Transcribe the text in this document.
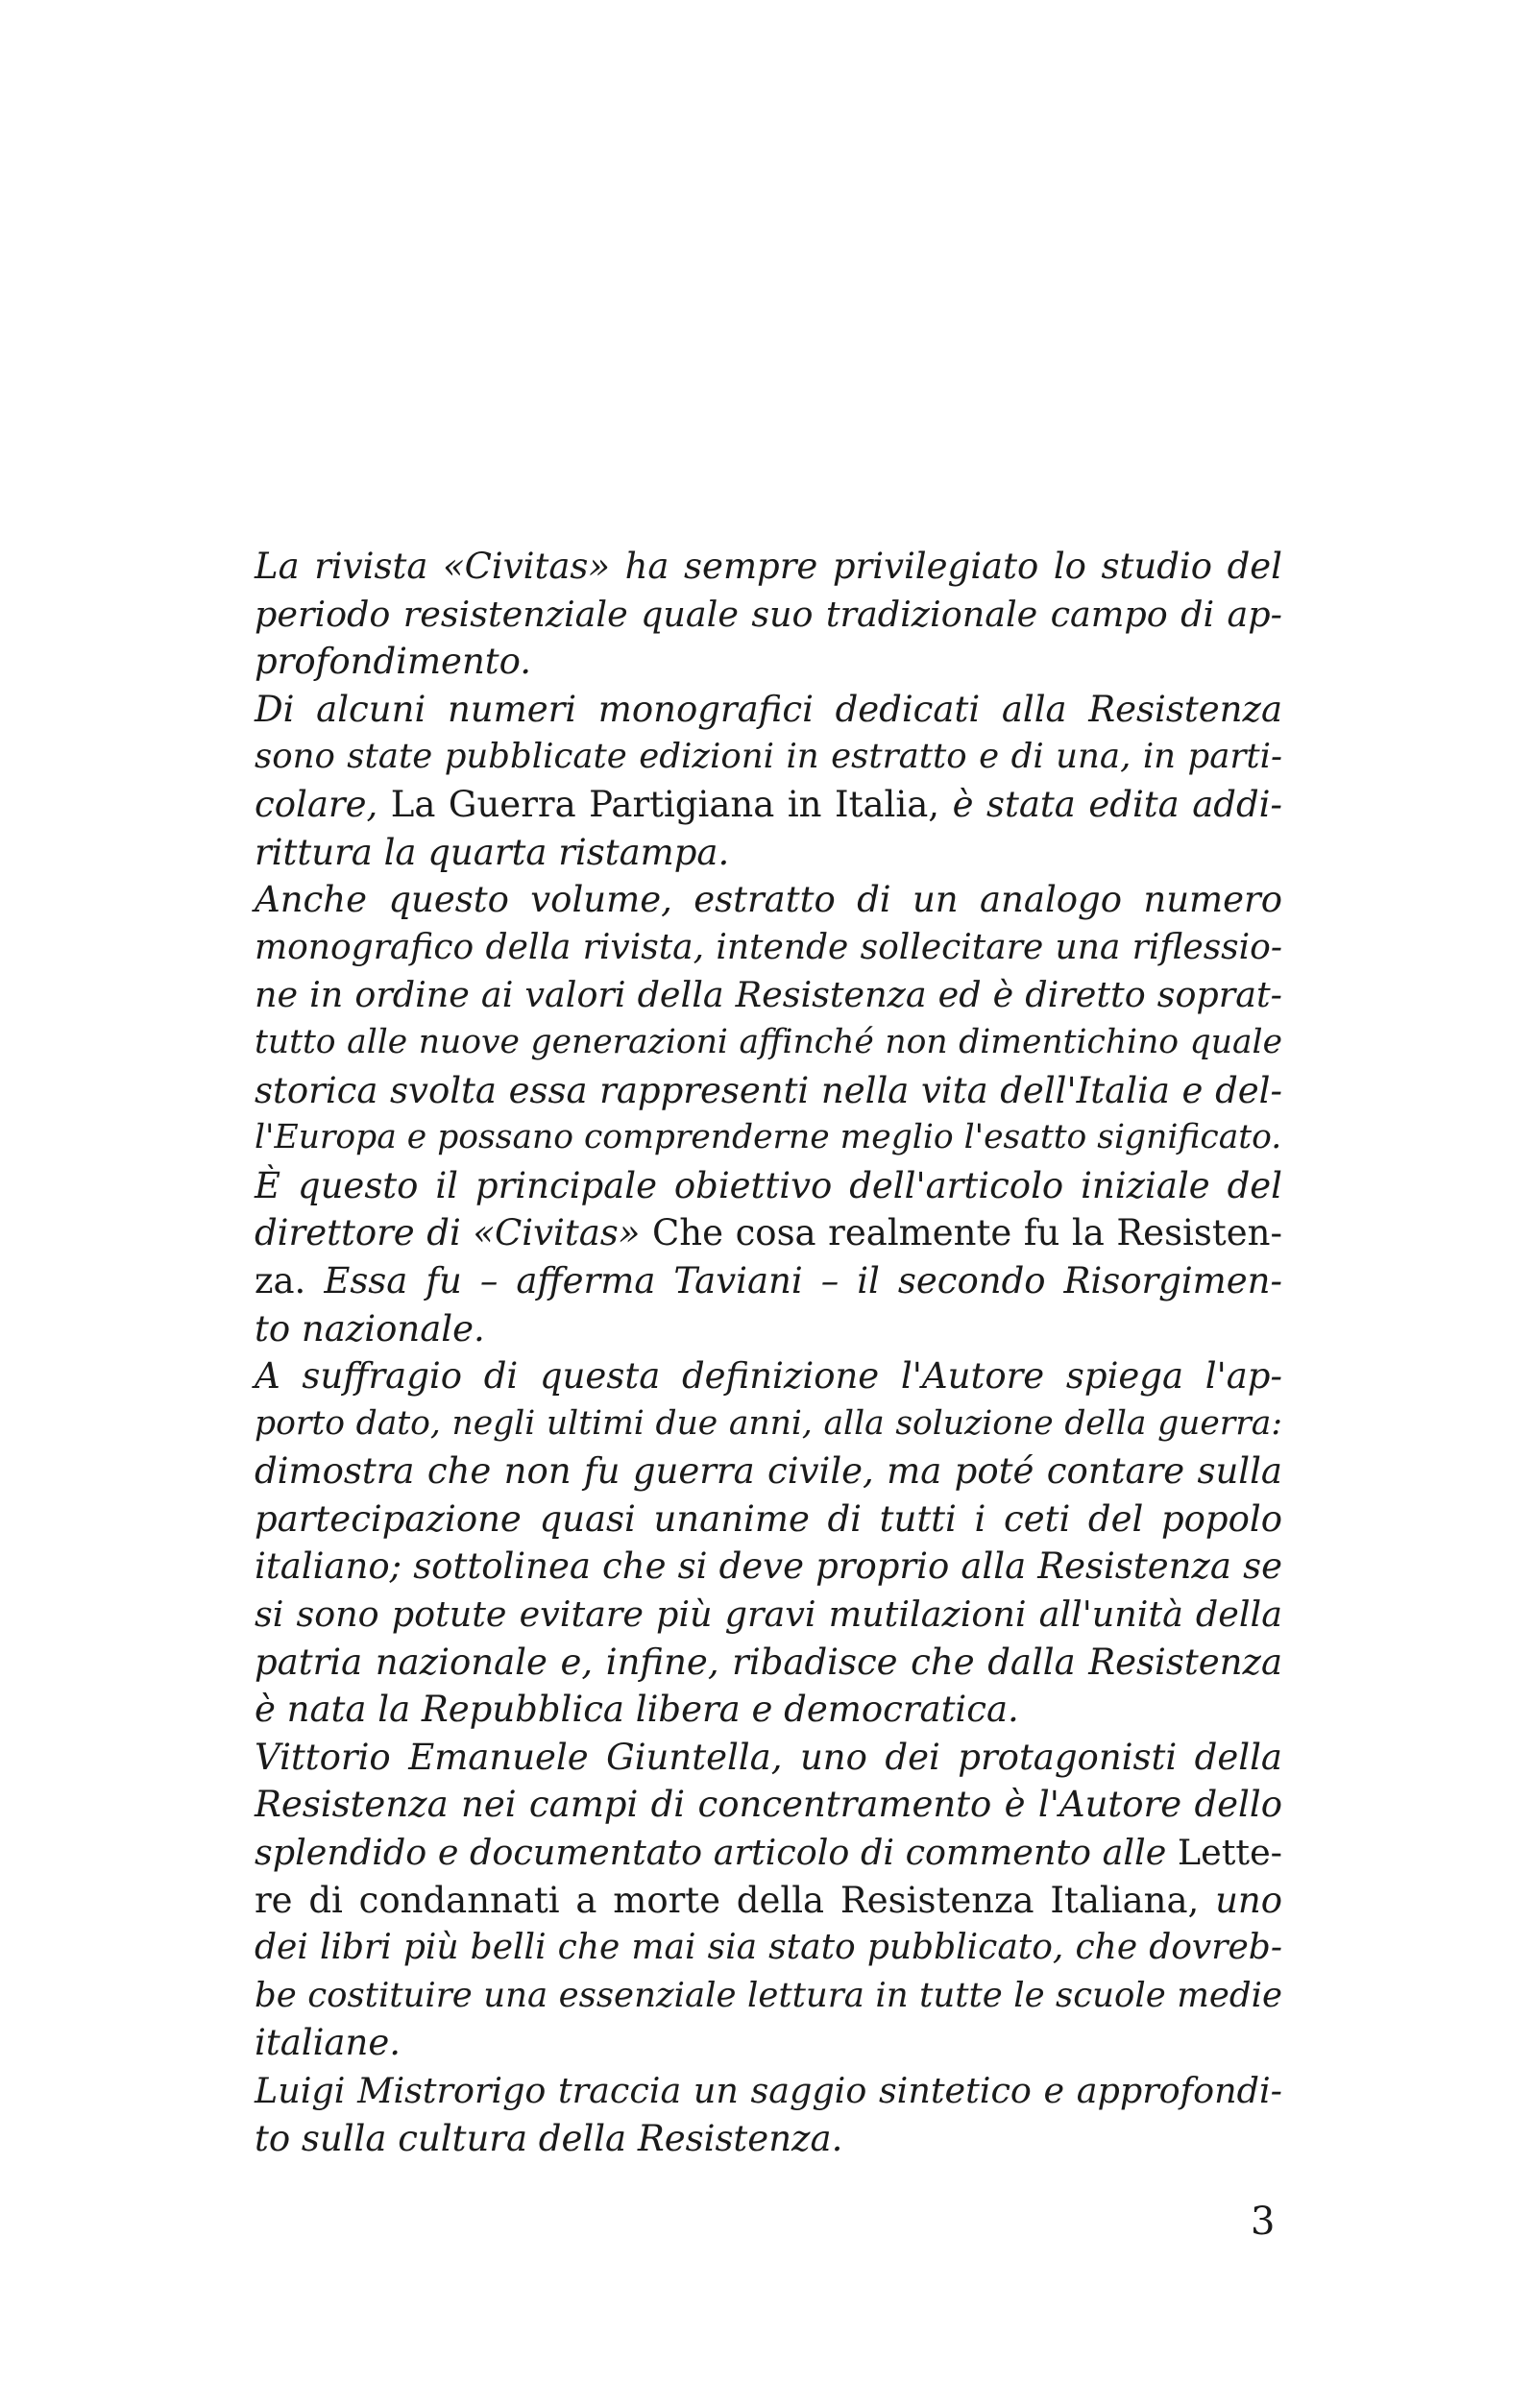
La rivista «Civitas» ha sempre privilegiato lo studio del
periodo resistenziale quale suo tradizionale campo di ap-
profondimento.
Di alcuni numeri monografici dedicati alla Resistenza
sono state pubblicate edizioni in estratto e di una, in parti-
colare, La Guerra Partigiana in Italia, è stata edita addi-
rittura la quarta ristampa.
Anche questo volume, estratto di un analogo numero
monografico della rivista, intende sollecitare una riflessio-
ne in ordine ai valori della Resistenza ed è diretto soprat-
tutto alle nuove generazioni affinché non dimentichino quale
storica svolta essa rappresenti nella vita dell'Italia e del-
l'Europa e possano comprenderne meglio l'esatto significato.
È questo il principale obiettivo dell'articolo iniziale del
direttore di «Civitas» Che cosa realmente fu la Resisten-
za. Essa fu – afferma Taviani – il secondo Risorgimen-
to nazionale.
A suffragio di questa definizione l'Autore spiega l'ap-
porto dato, negli ultimi due anni, alla soluzione della guerra:
dimostra che non fu guerra civile, ma poté contare sulla
partecipazione quasi unanime di tutti i ceti del popolo
italiano; sottolinea che si deve proprio alla Resistenza se
si sono potute evitare più gravi mutilazioni all'unità della
patria nazionale e, infine, ribadisce che dalla Resistenza
è nata la Repubblica libera e democratica.
Vittorio Emanuele Giuntella, uno dei protagonisti della
Resistenza nei campi di concentramento è l'Autore dello
splendido e documentato articolo di commento alle Lette-
re di condannati a morte della Resistenza Italiana, uno
dei libri più belli che mai sia stato pubblicato, che dovreb-
be costituire una essenziale lettura in tutte le scuole medie
italiane.
Luigi Mistrorigo traccia un saggio sintetico e approfondi-
to sulla cultura della Resistenza.
3
